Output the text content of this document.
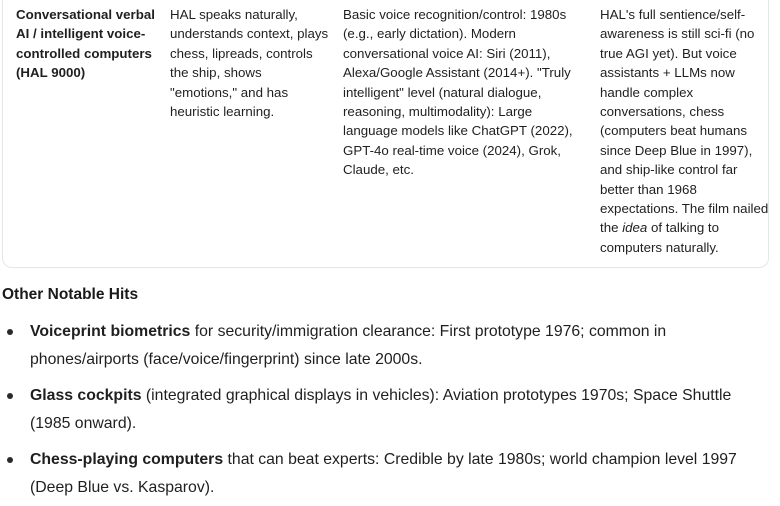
Conversational verbal AI / intelligent voice-controlled computers (HAL 9000)
HAL speaks naturally, understands context, plays chess, lipreads, controls the ship, shows "emotions," and has heuristic learning.
Basic voice recognition/control: 1980s (e.g., early dictation). Modern conversational voice AI: Siri (2011), Alexa/Google Assistant (2014+). "Truly intelligent" level (natural dialogue, reasoning, multimodality): Large language models like ChatGPT (2022), GPT-4o real-time voice (2024), Grok, Claude, etc.
HAL's full sentience/self-awareness is still sci-fi (no true AGI yet). But voice assistants + LLMs now handle complex conversations, chess (computers beat humans since Deep Blue in 1997), and ship-like control far better than 1968 expectations. The film nailed the idea of talking to computers naturally.
Other Notable Hits
Voiceprint biometrics for security/immigration clearance: First prototype 1976; common in phones/airports (face/voice/fingerprint) since late 2000s.
Glass cockpits (integrated graphical displays in vehicles): Aviation prototypes 1970s; Space Shuttle (1985 onward).
Chess-playing computers that can beat experts: Credible by late 1980s; world champion level 1997 (Deep Blue vs. Kasparov).
